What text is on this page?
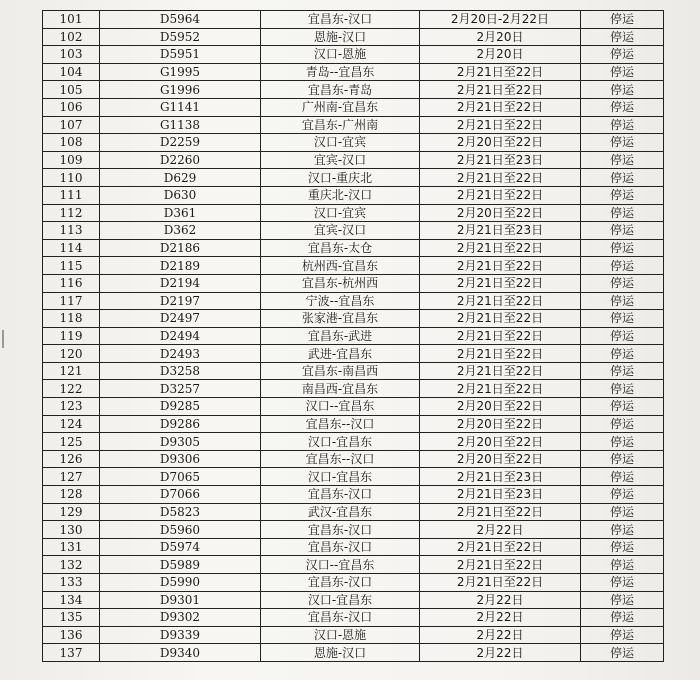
101	D5964	宜昌东-汉口	2月20日-2月22日	停运
102	D5952	恩施-汉口	2月20日	停运
103	D5951	汉口-恩施	2月20日	停运
104	G1995	青岛--宜昌东	2月21日至22日	停运
105	G1996	宜昌东-青岛	2月21日至22日	停运
106	G1141	广州南-宜昌东	2月21日至22日	停运
107	G1138	宜昌东-广州南	2月21日至22日	停运
108	D2259	汉口-宜宾	2月20日至22日	停运
109	D2260	宜宾-汉口	2月21日至23日	停运
110	D629	汉口-重庆北	2月21日至22日	停运
111	D630	重庆北-汉口	2月21日至22日	停运
112	D361	汉口-宜宾	2月20日至22日	停运
113	D362	宜宾-汉口	2月21日至23日	停运
114	D2186	宜昌东-太仓	2月21日至22日	停运
115	D2189	杭州西-宜昌东	2月21日至22日	停运
116	D2194	宜昌东-杭州西	2月21日至22日	停运
117	D2197	宁波--宜昌东	2月21日至22日	停运
118	D2497	张家港-宜昌东	2月21日至22日	停运
119	D2494	宜昌东-武进	2月21日至22日	停运
120	D2493	武进-宜昌东	2月21日至22日	停运
121	D3258	宜昌东-南昌西	2月21日至22日	停运
122	D3257	南昌西-宜昌东	2月21日至22日	停运
123	D9285	汉口--宜昌东	2月20日至22日	停运
124	D9286	宜昌东--汉口	2月20日至22日	停运
125	D9305	汉口-宜昌东	2月20日至22日	停运
126	D9306	宜昌东--汉口	2月20日至22日	停运
127	D7065	汉口-宜昌东	2月21日至23日	停运
128	D7066	宜昌东-汉口	2月21日至23日	停运
129	D5823	武汉-宜昌东	2月21日至22日	停运
130	D5960	宜昌东-汉口	2月22日	停运
131	D5974	宜昌东-汉口	2月21日至22日	停运
132	D5989	汉口--宜昌东	2月21日至22日	停运
133	D5990	宜昌东-汉口	2月21日至22日	停运
134	D9301	汉口-宜昌东	2月22日	停运
135	D9302	宜昌东-汉口	2月22日	停运
136	D9339	汉口-恩施	2月22日	停运
137	D9340	恩施-汉口	2月22日	停运
